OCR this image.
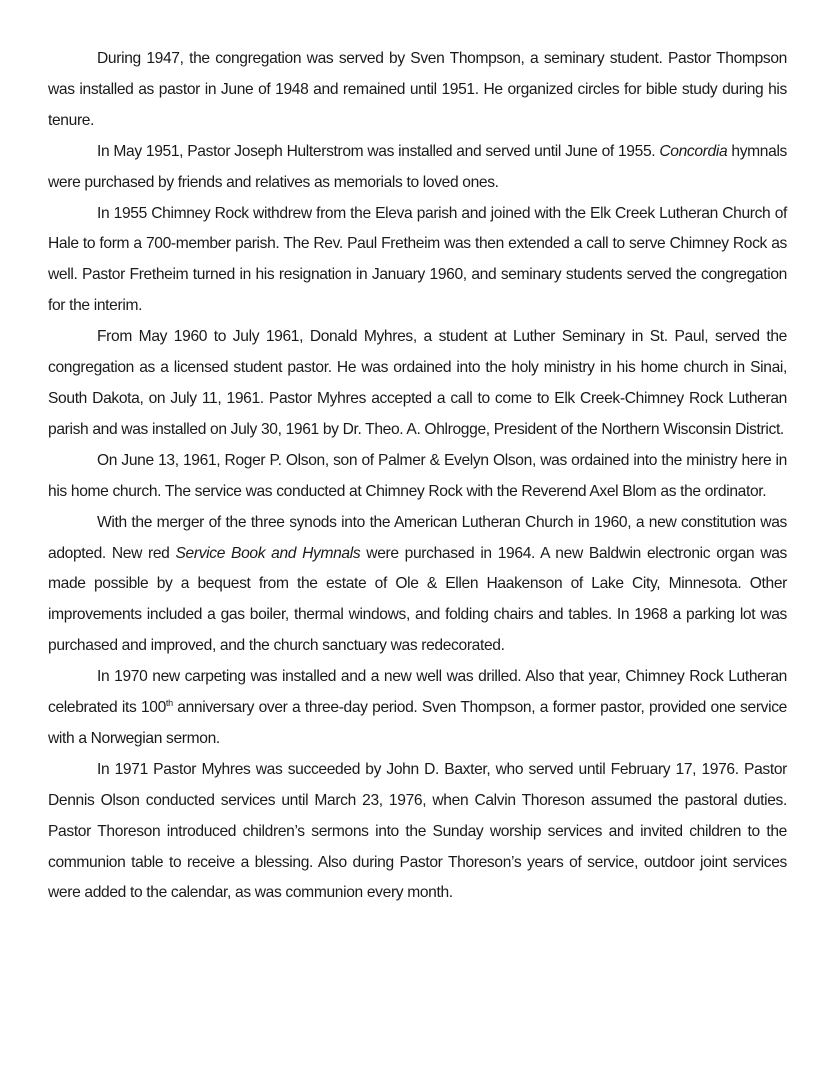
During 1947, the congregation was served by Sven Thompson, a seminary student. Pastor Thompson was installed as pastor in June of 1948 and remained until 1951. He organized circles for bible study during his tenure.

In May 1951, Pastor Joseph Hulterstrom was installed and served until June of 1955. Concordia hymnals were purchased by friends and relatives as memorials to loved ones.

In 1955 Chimney Rock withdrew from the Eleva parish and joined with the Elk Creek Lutheran Church of Hale to form a 700-member parish. The Rev. Paul Fretheim was then extended a call to serve Chimney Rock as well. Pastor Fretheim turned in his resignation in January 1960, and seminary students served the congregation for the interim.

From May 1960 to July 1961, Donald Myhres, a student at Luther Seminary in St. Paul, served the congregation as a licensed student pastor. He was ordained into the holy ministry in his home church in Sinai, South Dakota, on July 11, 1961. Pastor Myhres accepted a call to come to Elk Creek-Chimney Rock Lutheran parish and was installed on July 30, 1961 by Dr. Theo. A. Ohlrogge, President of the Northern Wisconsin District.

On June 13, 1961, Roger P. Olson, son of Palmer & Evelyn Olson, was ordained into the ministry here in his home church. The service was conducted at Chimney Rock with the Reverend Axel Blom as the ordinator.

With the merger of the three synods into the American Lutheran Church in 1960, a new constitution was adopted. New red Service Book and Hymnals were purchased in 1964. A new Baldwin electronic organ was made possible by a bequest from the estate of Ole & Ellen Haakenson of Lake City, Minnesota. Other improvements included a gas boiler, thermal windows, and folding chairs and tables. In 1968 a parking lot was purchased and improved, and the church sanctuary was redecorated.

In 1970 new carpeting was installed and a new well was drilled. Also that year, Chimney Rock Lutheran celebrated its 100th anniversary over a three-day period. Sven Thompson, a former pastor, provided one service with a Norwegian sermon.

In 1971 Pastor Myhres was succeeded by John D. Baxter, who served until February 17, 1976. Pastor Dennis Olson conducted services until March 23, 1976, when Calvin Thoreson assumed the pastoral duties. Pastor Thoreson introduced children’s sermons into the Sunday worship services and invited children to the communion table to receive a blessing. Also during Pastor Thoreson’s years of service, outdoor joint services were added to the calendar, as was communion every month.
